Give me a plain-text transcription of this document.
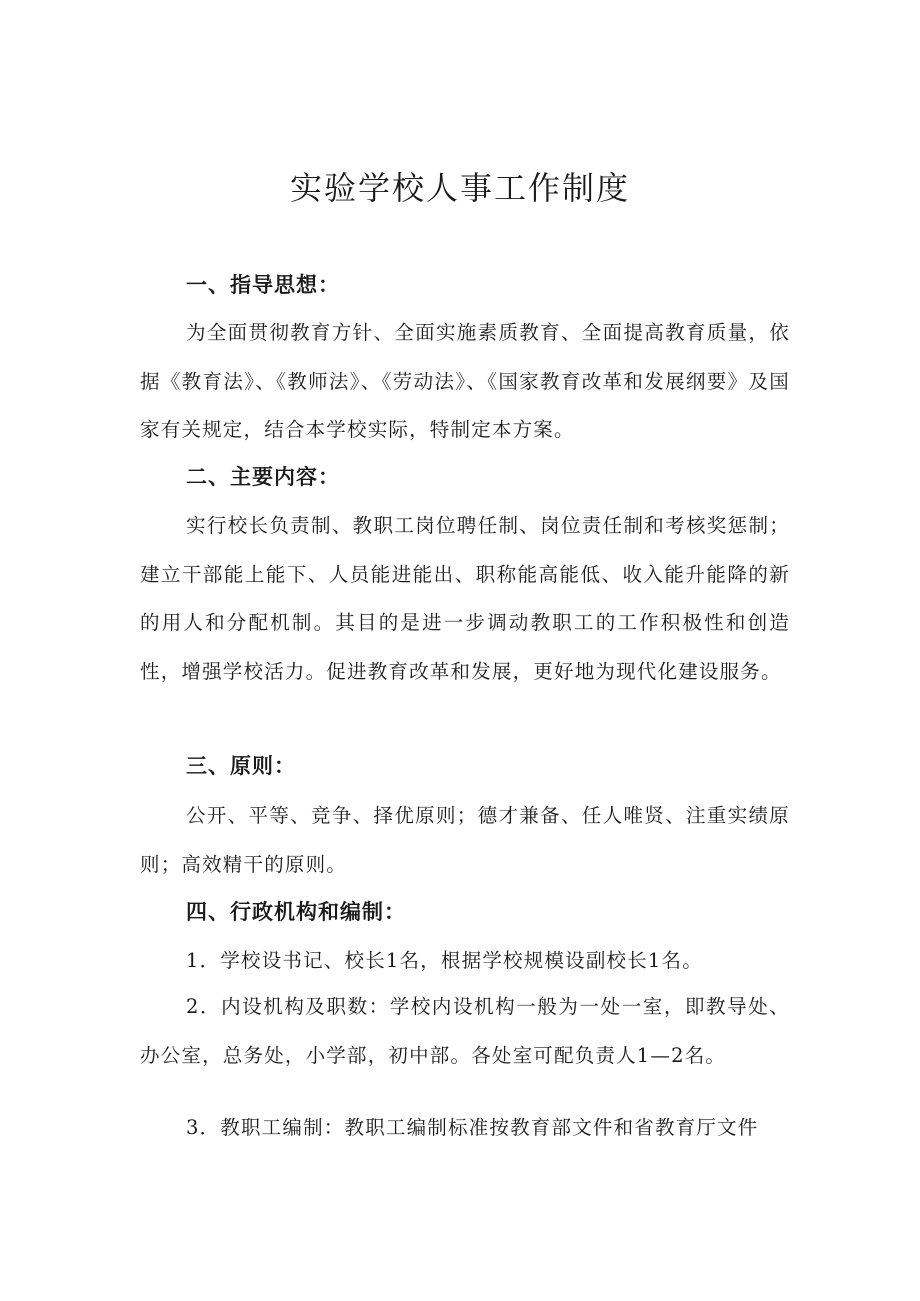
实验学校人事工作制度
一、指导思想：

为全面贯彻教育方针、全面实施素质教育、全面提高教育质量，依据《教育法》、《教师法》、《劳动法》、《国家教育改革和发展纲要》及国家有关规定，结合本学校实际，特制定本方案。

二、主要内容：

实行校长负责制、教职工岗位聘任制、岗位责任制和考核奖惩制；建立干部能上能下、人员能进能出、职称能高能低、收入能升能降的新的用人和分配机制。其目的是进一步调动教职工的工作积极性和创造性，增强学校活力。促进教育改革和发展，更好地为现代化建设服务。

三、原则：

公开、平等、竞争、择优原则；德才兼备、任人唯贤、注重实绩原则；高效精干的原则。

四、行政机构和编制：

1．学校设书记、校长1名，根据学校规模设副校长1名。

2．内设机构及职数：学校内设机构一般为一处一室，即教导处、办公室，总务处，小学部，初中部。各处室可配负责人1—2名。

3．教职工编制：教职工编制标准按教育部文件和省教育厅文件
